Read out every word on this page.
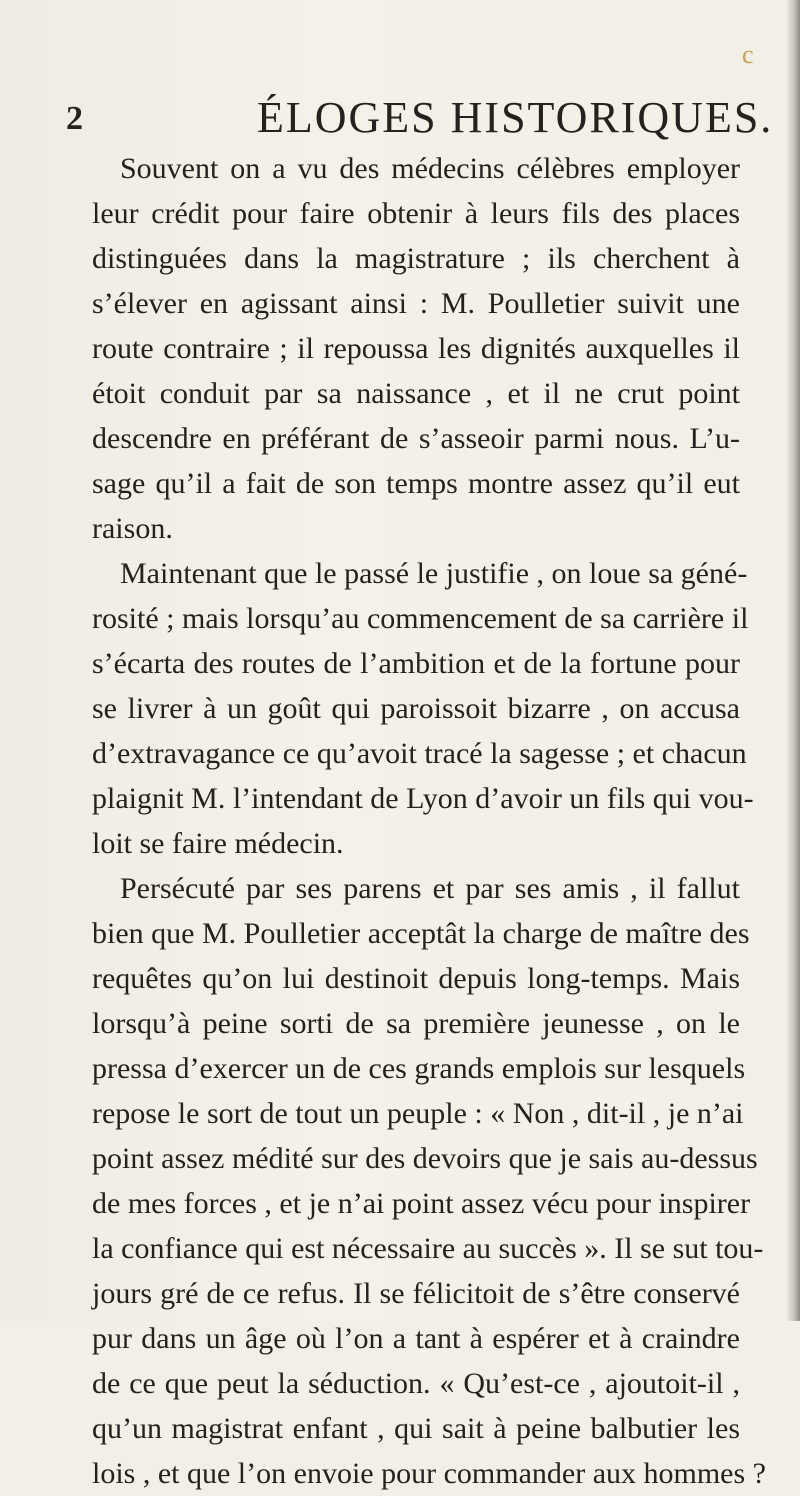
c
2	ÉLOGES HISTORIQUES.
Souvent on a vu des médecins célèbres employer
leur crédit pour faire obtenir à leurs fils des places
distinguées dans la magistrature ; ils cherchent à
s’élever en agissant ainsi : M. Poulletier suivit une
route contraire ; il repoussa les dignités auxquelles il
étoit conduit par sa naissance , et il ne crut point
descendre en préférant de s’asseoir parmi nous. L’u-
sage qu’il a fait de son temps montre assez qu’il eut
raison.
Maintenant que le passé le justifie , on loue sa géné-
rosité ; mais lorsqu’au commencement de sa carrière il
s’écarta des routes de l’ambition et de la fortune pour
se livrer à un goût qui paroissoit bizarre , on accusa
d’extravagance ce qu’avoit tracé la sagesse ; et chacun
plaignit M. l’intendant de Lyon d’avoir un fils qui vou-
loit se faire médecin.
Persécuté par ses parens et par ses amis , il fallut
bien que M. Poulletier acceptât la charge de maître des
requêtes qu’on lui destinoit depuis long-temps. Mais
lorsqu’à peine sorti de sa première jeunesse , on le
pressa d’exercer un de ces grands emplois sur lesquels
repose le sort de tout un peuple : « Non , dit-il , je n’ai
point assez médité sur des devoirs que je sais au-dessus
de mes forces , et je n’ai point assez vécu pour inspirer
la confiance qui est nécessaire au succès ». Il se sut tou-
jours gré de ce refus. Il se félicitoit de s’être conservé
pur dans un âge où l’on a tant à espérer et à craindre
de ce que peut la séduction. « Qu’est-ce , ajoutoit-il ,
qu’un magistrat enfant , qui sait à peine balbutier les
lois , et que l’on envoie pour commander aux hommes ?
